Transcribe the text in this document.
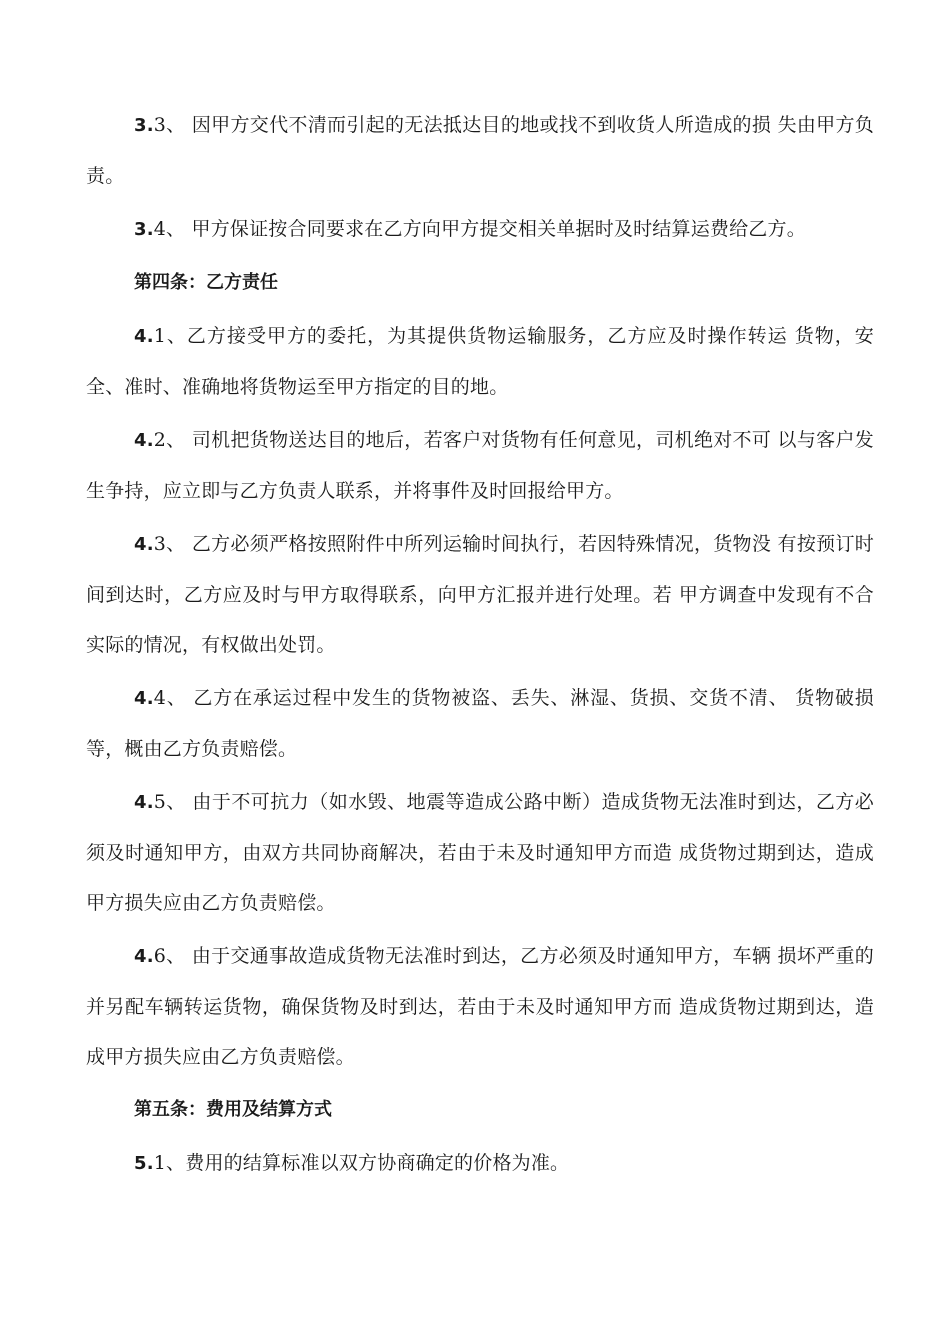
3.3、 因甲方交代不清而引起的无法抵达目的地或找不到收货人所造成的损 失由甲方负责。

3.4、 甲方保证按合同要求在乙方向甲方提交相关单据时及时结算运费给乙方。

第四条：乙方责任

4.1、乙方接受甲方的委托，为其提供货物运输服务，乙方应及时操作转运 货物，安全、准时、准确地将货物运至甲方指定的目的地。

4.2、 司机把货物送达目的地后，若客户对货物有任何意见，司机绝对不可 以与客户发生争持，应立即与乙方负责人联系，并将事件及时回报给甲方。

4.3、 乙方必须严格按照附件中所列运输时间执行，若因特殊情况，货物没 有按预订时间到达时，乙方应及时与甲方取得联系，向甲方汇报并进行处理。若 甲方调查中发现有不合实际的情况，有权做出处罚。

4.4、 乙方在承运过程中发生的货物被盗、丢失、淋湿、货损、交货不清、 货物破损等，概由乙方负责赔偿。

4.5、 由于不可抗力（如水毁、地震等造成公路中断）造成货物无法准时到达，乙方必须及时通知甲方，由双方共同协商解决，若由于未及时通知甲方而造 成货物过期到达，造成甲方损失应由乙方负责赔偿。

4.6、 由于交通事故造成货物无法准时到达，乙方必须及时通知甲方，车辆 损坏严重的并另配车辆转运货物，确保货物及时到达，若由于未及时通知甲方而 造成货物过期到达，造成甲方损失应由乙方负责赔偿。

第五条：费用及结算方式

5.1、费用的结算标准以双方协商确定的价格为准。
